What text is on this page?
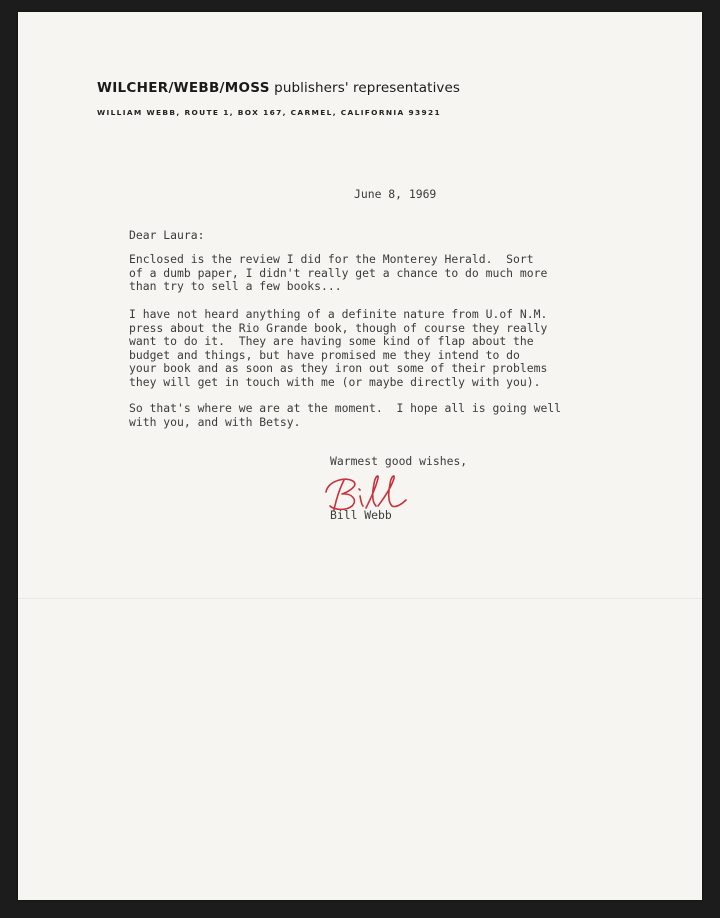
WILCHER/WEBB/MOSS publishers' representatives
WILLIAM WEBB, ROUTE 1, BOX 167, CARMEL, CALIFORNIA 93921
June 8, 1969
Dear Laura:
Enclosed is the review I did for the Monterey Herald.  Sort
of a dumb paper, I didn't really get a chance to do much more
than try to sell a few books...
I have not heard anything of a definite nature from U.of N.M.
press about the Rio Grande book, though of course they really
want to do it.  They are having some kind of flap about the
budget and things, but have promised me they intend to do
your book and as soon as they iron out some of their problems
they will get in touch with me (or maybe directly with you).
So that's where we are at the moment.  I hope all is going well
with you, and with Betsy.
Warmest good wishes,
Bill Webb
